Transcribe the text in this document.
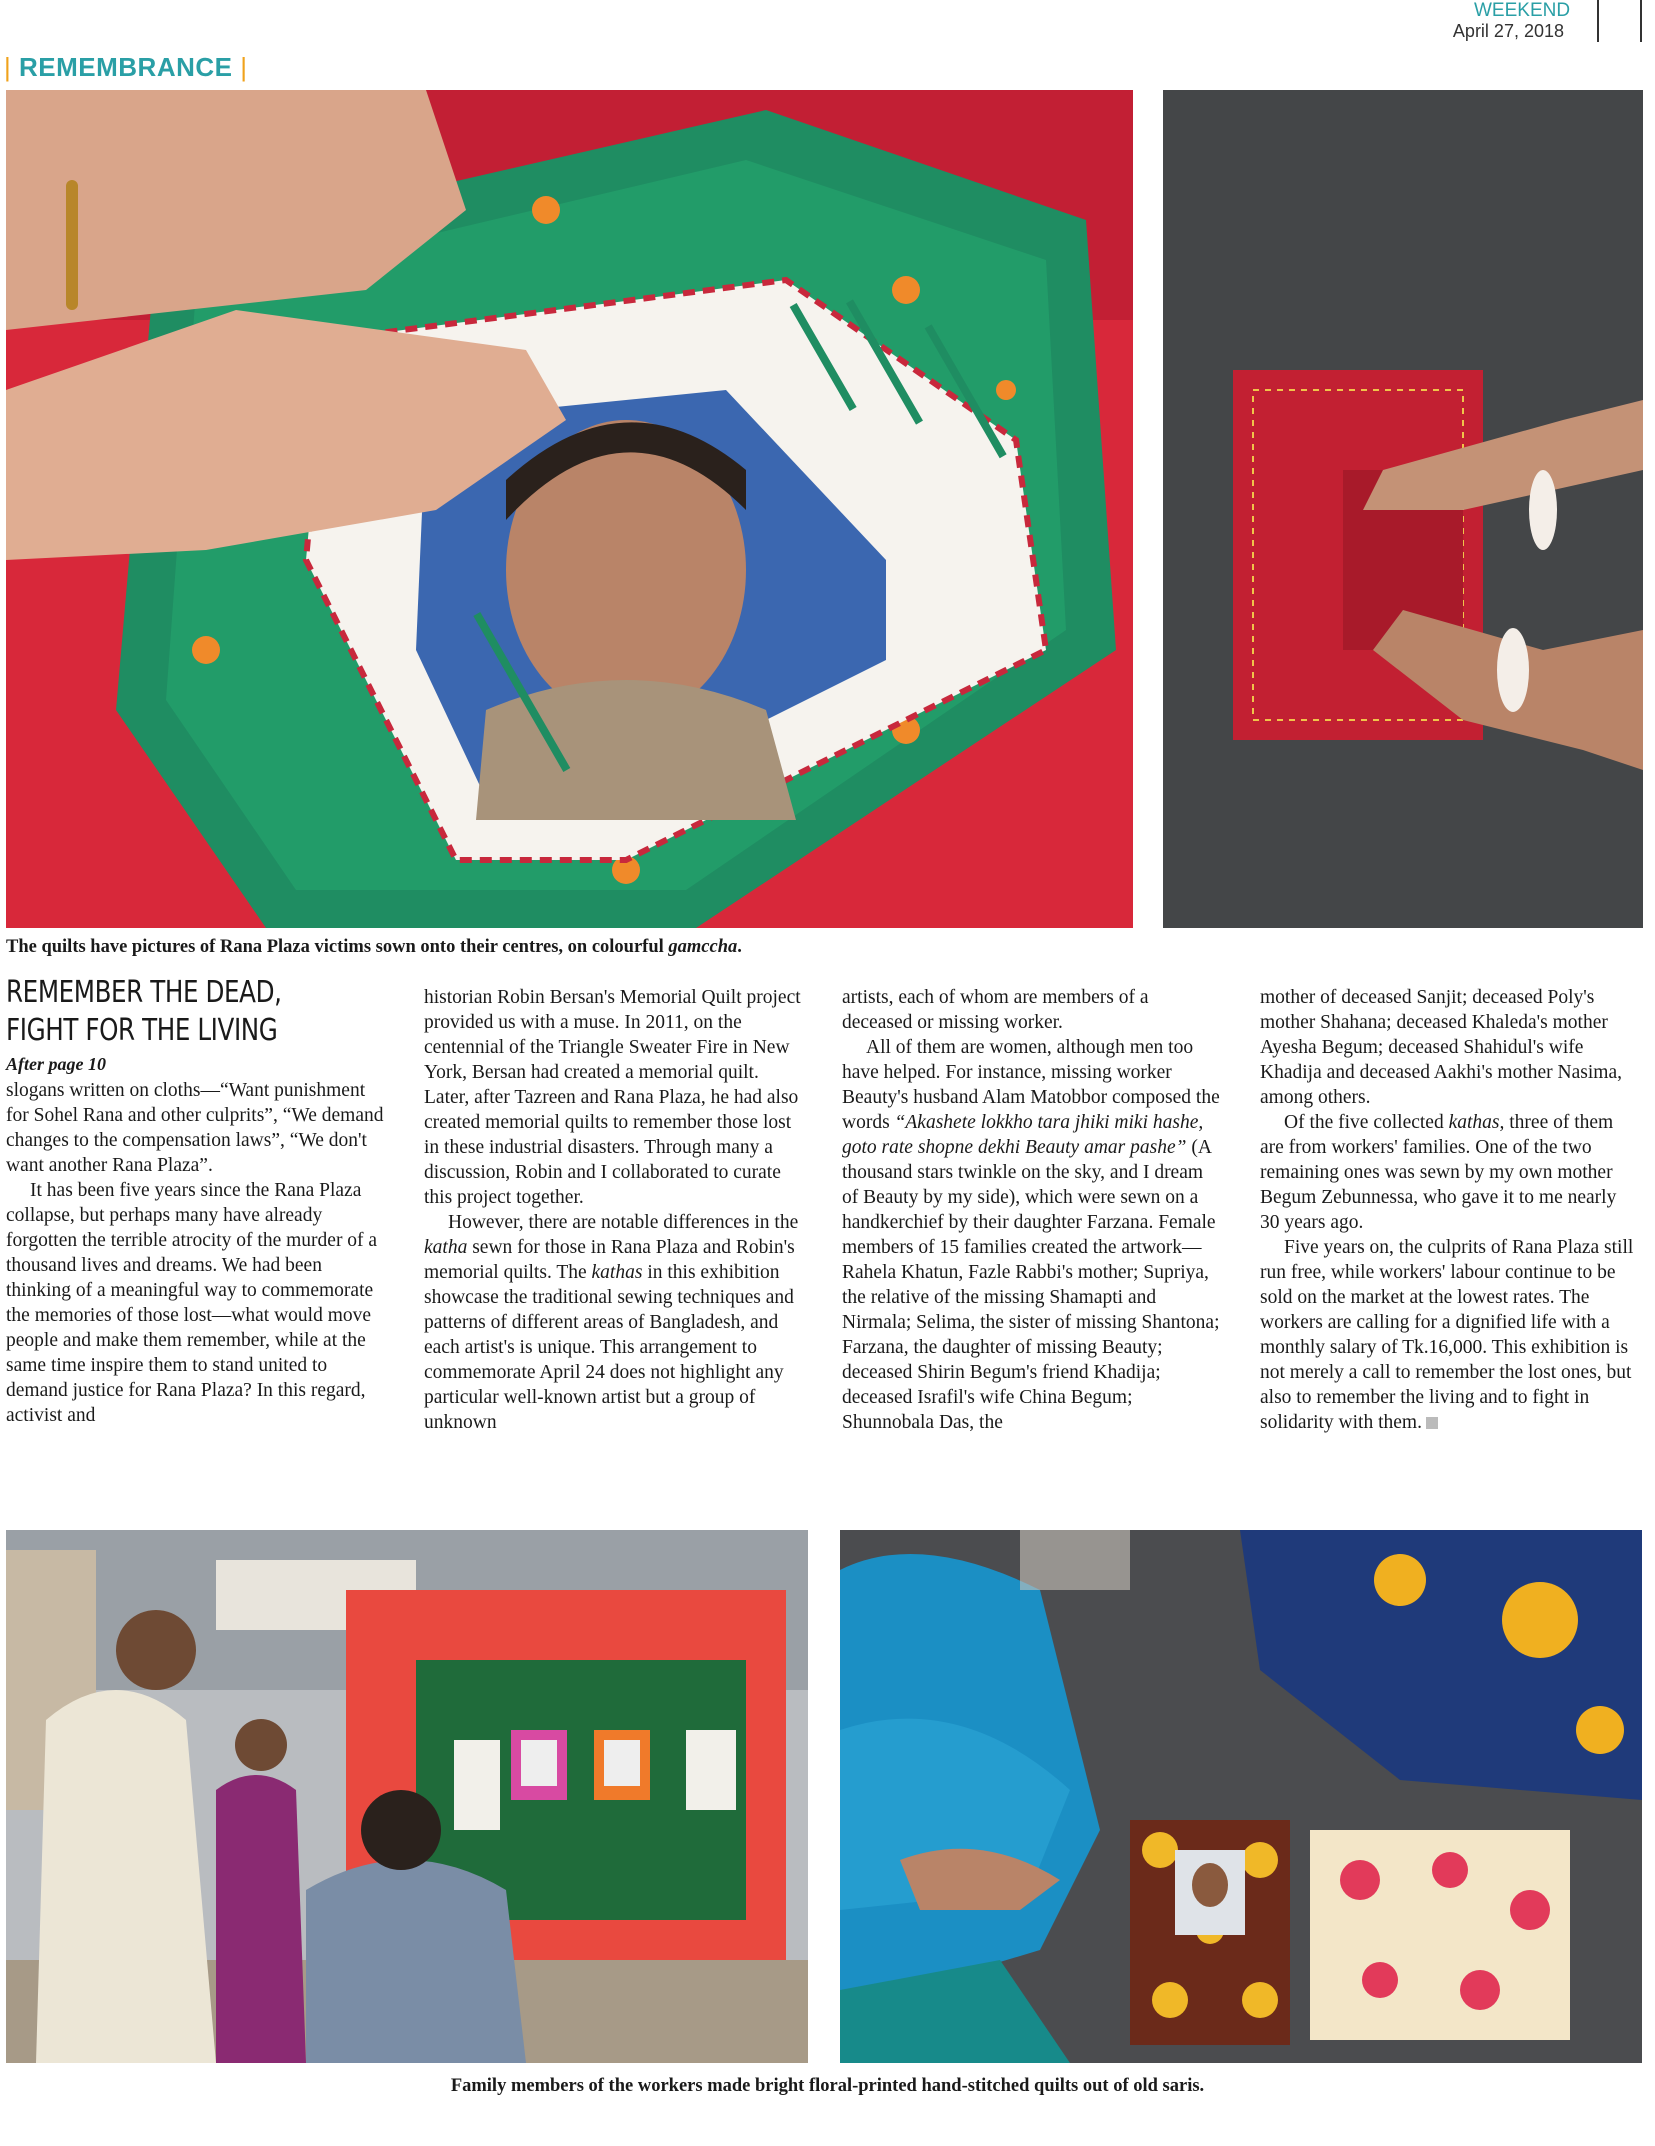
WEEKEND
April 27, 2018
| REMEMBRANCE |
The quilts have pictures of Rana Plaza victims sown onto their centres, on colourful gamccha.
REMEMBER THE DEAD,
FIGHT FOR THE LIVING
After page 10

slogans written on cloths—“Want punishment for Sohel Rana and other culprits”, “We demand changes to the compensation laws”, “We don't want another Rana Plaza”.

It has been five years since the Rana Plaza collapse, but perhaps many have already forgotten the terrible atrocity of the murder of a thousand lives and dreams. We had been thinking of a meaningful way to commemorate the memories of those lost—what would move people and make them remember, while at the same time inspire them to stand united to demand justice for Rana Plaza? In this regard, activist and

historian Robin Bersan's Memorial Quilt project provided us with a muse. In 2011, on the centennial of the Triangle Sweater Fire in New York, Bersan had created a memorial quilt. Later, after Tazreen and Rana Plaza, he had also created memorial quilts to remember those lost in these industrial disasters. Through many a discussion, Robin and I collaborated to curate this project together.

However, there are notable differences in the katha sewn for those in Rana Plaza and Robin's memorial quilts. The kathas in this exhibition showcase the traditional sewing techniques and patterns of different areas of Bangladesh, and each artist's is unique. This arrangement to commemorate April 24 does not highlight any particular well-known artist but a group of unknown

artists, each of whom are members of a deceased or missing worker.

All of them are women, although men too have helped. For instance, missing worker Beauty's husband Alam Matobbor composed the words “Akashete lokkho tara jhiki miki hashe, goto rate shopne dekhi Beauty amar pashe” (A thousand stars twinkle on the sky, and I dream of Beauty by my side), which were sewn on a handkerchief by their daughter Farzana. Female members of 15 families created the artwork—Rahela Khatun, Fazle Rabbi's mother; Supriya, the relative of the missing Shamapti and Nirmala; Selima, the sister of missing Shantona; Farzana, the daughter of missing Beauty; deceased Shirin Begum's friend Khadija; deceased Israfil's wife China Begum; Shunnobala Das, the

mother of deceased Sanjit; deceased Poly's mother Shahana; deceased Khaleda's mother Ayesha Begum; deceased Shahidul's wife Khadija and deceased Aakhi's mother Nasima, among others.

Of the five collected kathas, three of them are from workers' families. One of the two remaining ones was sewn by my own mother Begum Zebunnessa, who gave it to me nearly 30 years ago.

Five years on, the culprits of Rana Plaza still run free, while workers' labour continue to be sold on the market at the lowest rates. The workers are calling for a dignified life with a monthly salary of Tk.16,000. This exhibition is not merely a call to remember the lost ones, but also to remember the living and to fight in solidarity with them.

Family members of the workers made bright floral-printed hand-stitched quilts out of old saris.
